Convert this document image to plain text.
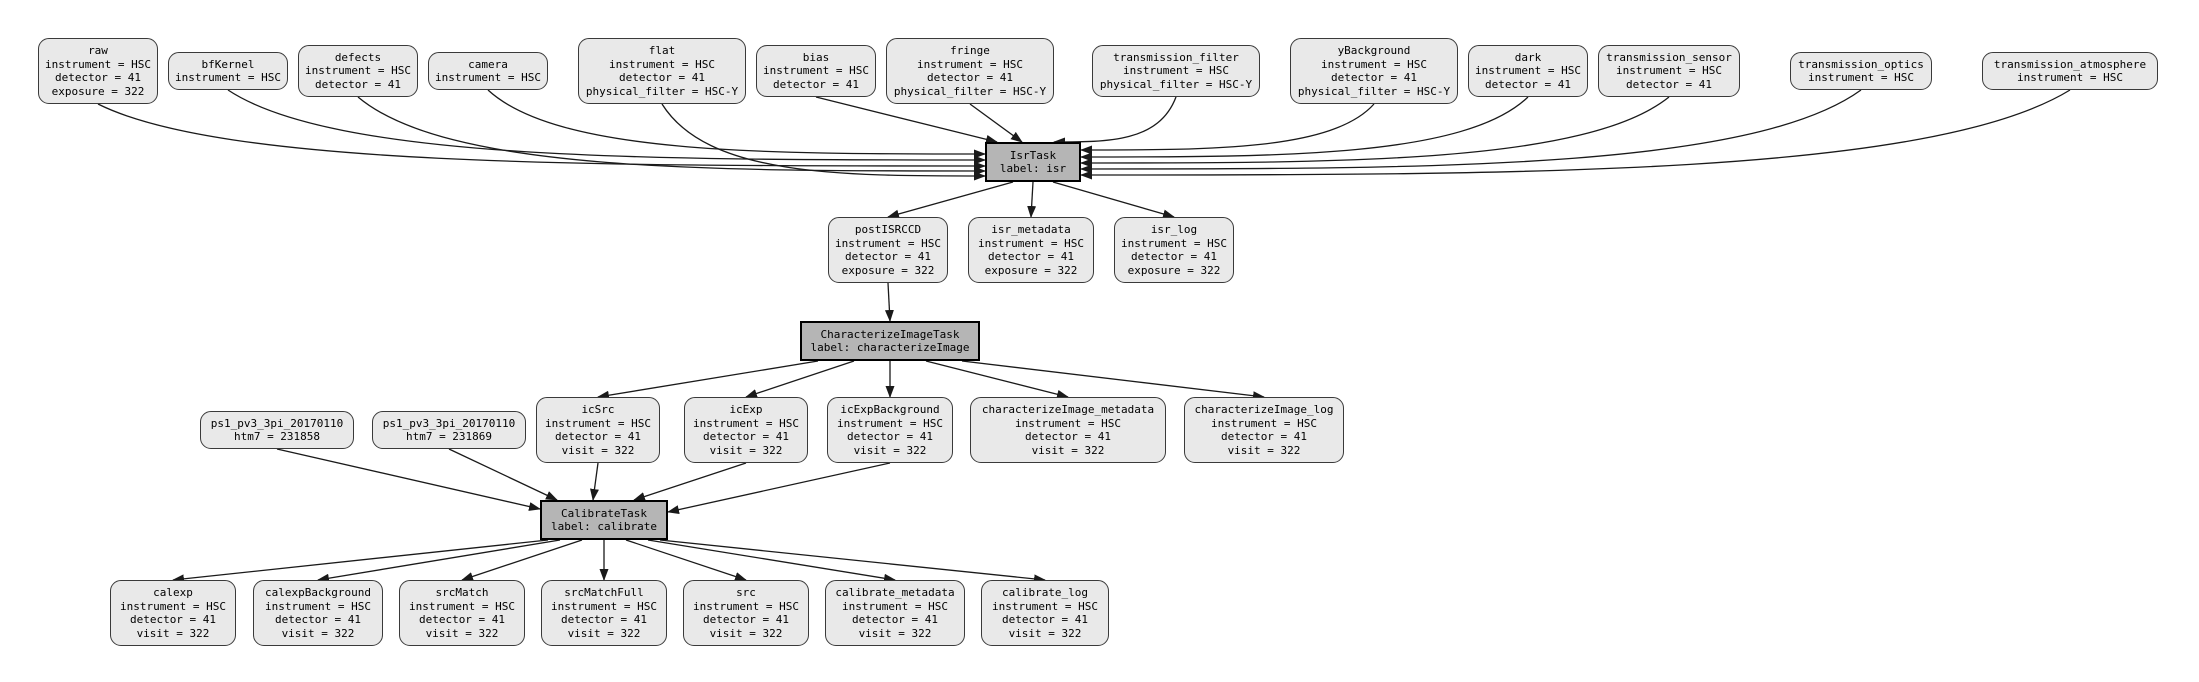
raw
instrument = HSC
detector = 41
exposure = 322
bfKernel
instrument = HSC
defects
instrument = HSC
detector = 41
camera
instrument = HSC
flat
instrument = HSC
detector = 41
physical_filter = HSC-Y
bias
instrument = HSC
detector = 41
fringe
instrument = HSC
detector = 41
physical_filter = HSC-Y
transmission_filter
instrument = HSC
physical_filter = HSC-Y
yBackground
instrument = HSC
detector = 41
physical_filter = HSC-Y
dark
instrument = HSC
detector = 41
transmission_sensor
instrument = HSC
detector = 41
transmission_optics
instrument = HSC
transmission_atmosphere
instrument = HSC
IsrTask
label: isr
postISRCCD
instrument = HSC
detector = 41
exposure = 322
isr_metadata
instrument = HSC
detector = 41
exposure = 322
isr_log
instrument = HSC
detector = 41
exposure = 322
CharacterizeImageTask
label: characterizeImage
icSrc
instrument = HSC
detector = 41
visit = 322
icExp
instrument = HSC
detector = 41
visit = 322
icExpBackground
instrument = HSC
detector = 41
visit = 322
characterizeImage_metadata
instrument = HSC
detector = 41
visit = 322
characterizeImage_log
instrument = HSC
detector = 41
visit = 322
ps1_pv3_3pi_20170110
htm7 = 231858
ps1_pv3_3pi_20170110
htm7 = 231869
CalibrateTask
label: calibrate
calexp
instrument = HSC
detector = 41
visit = 322
calexpBackground
instrument = HSC
detector = 41
visit = 322
srcMatch
instrument = HSC
detector = 41
visit = 322
srcMatchFull
instrument = HSC
detector = 41
visit = 322
src
instrument = HSC
detector = 41
visit = 322
calibrate_metadata
instrument = HSC
detector = 41
visit = 322
calibrate_log
instrument = HSC
detector = 41
visit = 322
